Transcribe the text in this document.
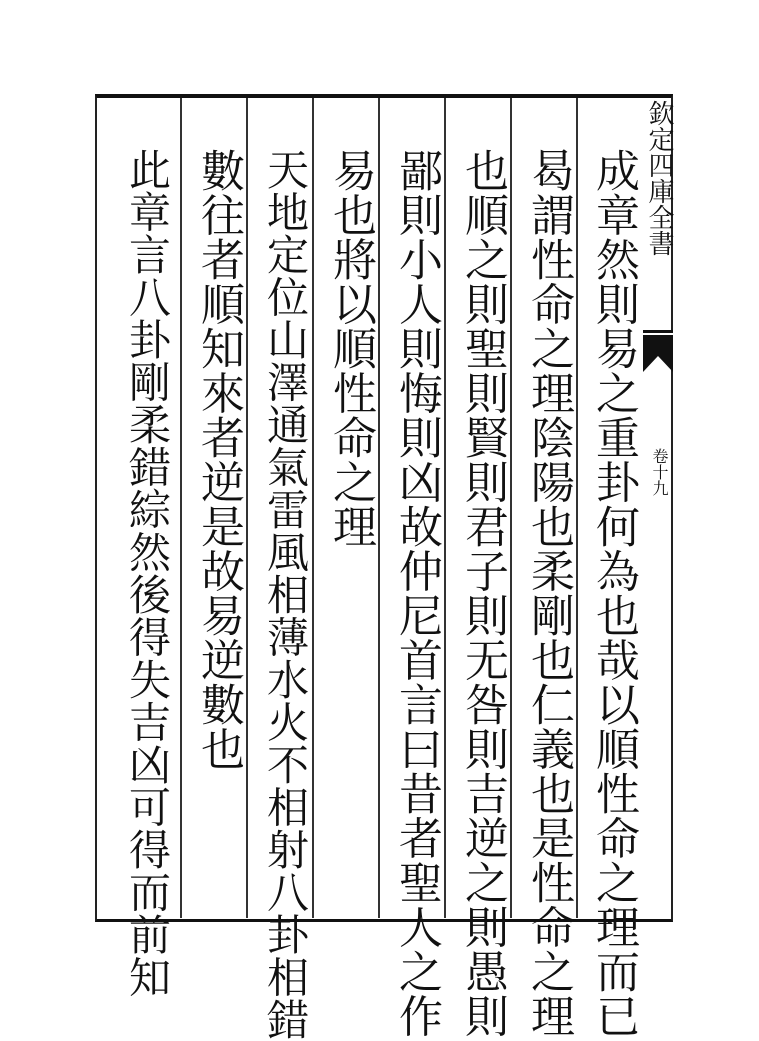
成章然則易之重卦何為也哉以順性命之理而已
曷謂性命之理陰陽也柔剛也仁義也是性命之理
也順之則聖則賢則君子則无咎則吉逆之則愚則
鄙則小人則悔則凶故仲尼首言曰昔者聖人之作
易也將以順性命之理
天地定位山澤通氣雷風相薄水火不相射八卦相錯
數往者順知來者逆是故易逆數也
此章言八卦剛柔錯綜然後得失吉凶可得而前知	欽定四庫全書
卷十九
